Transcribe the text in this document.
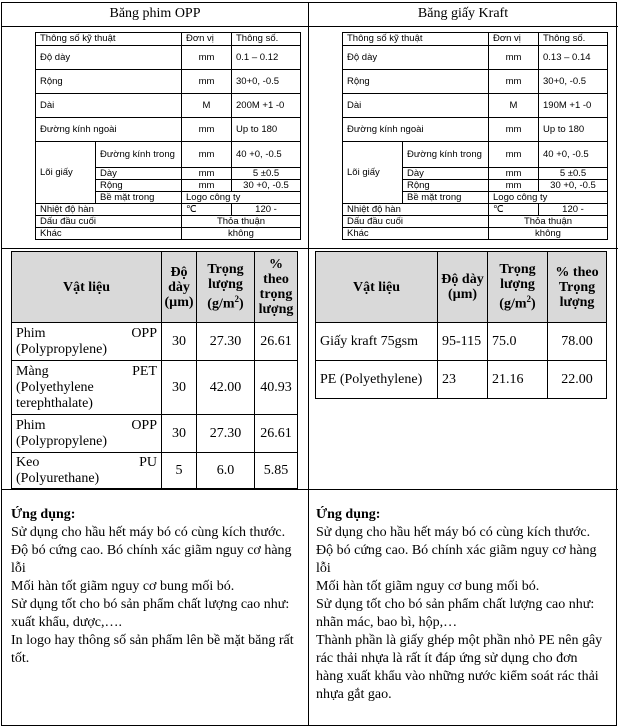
Băng phim OPP	Băng giấy Kraft
Thông số kỹ thuật		Đơn vị	Thông số.
Độ dày		mm	0.1 – 0.12
Rộng		mm	30+0, -0.5
Dài		M	200M +1 -0
Đường kính ngoài		mm	Up to 180
Lõi giấy	Đường kính trong	mm	40 +0, -0.5
	Dày	mm	5 ±0.5
	Rộng	mm	30 +0, -0.5
	Bề mặt trong	Logo công ty	
Nhiệt độ hàn		℃	120 -
Dấu đầu cuối		Thỏa thuận	
Khác		không	
Thông số kỹ thuật		Đơn vị	Thông số.
Độ dày		mm	0.13 – 0.14
Rộng		mm	30+0, -0.5
Dài		M	190M +1 -0
Đường kính ngoài		mm	Up to 180
Lõi giấy	Đường kính trong	mm	40 +0, -0.5
	Dày	mm	5 ±0.5
	Rộng	mm	30 +0, -0.5
	Bề mặt trong	Logo công ty	
Nhiệt độ hàn		℃	120 -
Dấu đầu cuối		Thỏa thuận	
Khác		không	
Vật liệu	Độ dày (µm)	Trọng lượng $(g/m^2)$	% theo trọng lượng

Phim OPP
(Polypropylene)	30	27.30	26.61

Màng PET
(Polyethylene terephthalate)	30	42.00	40.93

Phim OPP
(Polypropylene)	30	27.30	26.61

Keo PU
(Polyurethane)	5	6.0	5.85
Vật liệu	Độ dày (µm)	Trọng lượng $(g/m^2)$	% theo Trọng lượng
Giấy kraft 75gsm	95-115	75.0	78.00
PE (Polyethylene)	23	21.16	22.00
Ứng dụng:
Sử dụng cho hầu hết máy bó có cùng kích thước.
Độ bó cứng cao. Bó chính xác giãm nguy cơ hàng lỗi
Mối hàn tốt giãm nguy cơ bung mối bó.
Sử dụng tốt cho bó sản phẩm chất lượng cao như: xuất khẩu, dược,….
In logo hay thông số sản phẩm lên bề mặt băng rất tốt.
Ứng dụng:
Sử dụng cho hầu hết máy bó có cùng kích thước.
Độ bó cứng cao. Bó chính xác giãm nguy cơ hàng lỗi
Mối hàn tốt giãm nguy cơ bung mối bó.
Sử dụng tốt cho bó sản phẩm chất lượng cao như: nhãn mác, bao bì, hộp,…
Thành phần là giấy ghép một phần nhỏ PE nên gây rác thải nhựa là rất ít đáp ứng sử dụng cho đơn hàng xuất khẩu vào những nước kiểm soát rác thải nhựa gắt gao.
